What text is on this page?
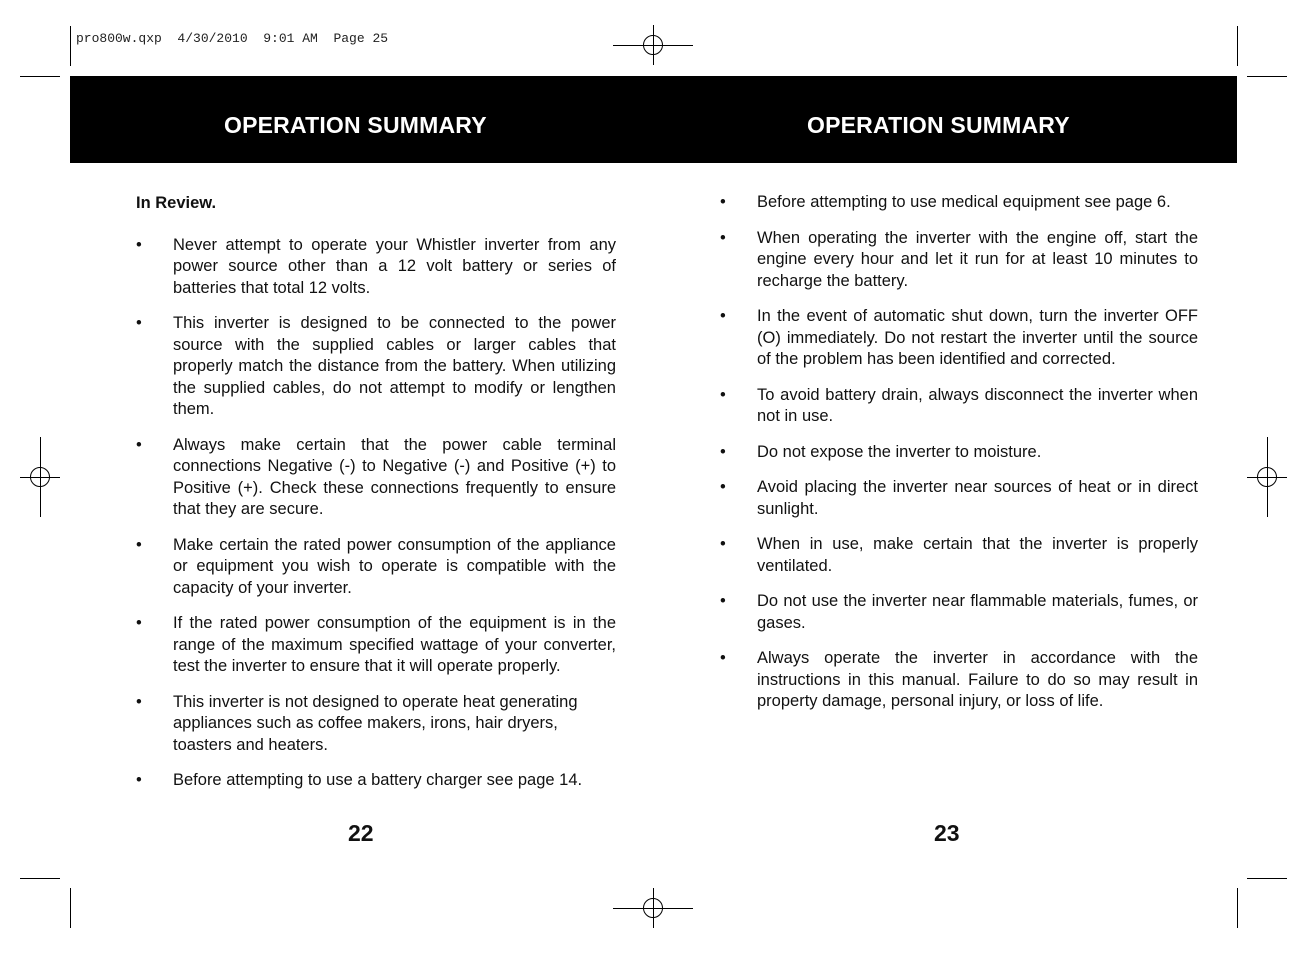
pro800w.qxp  4/30/2010  9:01 AM  Page 25
OPERATION SUMMARY	OPERATION SUMMARY
In Review.
• Never attempt to operate your Whistler inverter from any power source other than a 12 volt battery or series of batteries that total 12 volts.
• This inverter is designed to be connected to the power source with the supplied cables or larger cables that properly match the distance from the battery. When utilizing the supplied cables, do not attempt to modify or lengthen them.
• Always make certain that the power cable terminal connections Negative (-) to Negative (-) and Positive (+) to Positive (+). Check these connections frequently to ensure that they are secure.
• Make certain the rated power consumption of the appliance or equipment you wish to operate is compatible with the capacity of your inverter.
• If the rated power consumption of the equipment is in the range of the maximum specified wattage of your converter, test the inverter to ensure that it will operate properly.
• This inverter is not designed to operate heat generating appliances such as coffee makers, irons, hair dryers, toasters and heaters.
• Before attempting to use a battery charger see page 14.
• Before attempting to use medical equipment see page 6.
• When operating the inverter with the engine off, start the engine every hour and let it run for at least 10 minutes to recharge the battery.
• In the event of automatic shut down, turn the inverter OFF (O) immediately. Do not restart the inverter until the source of the problem has been identified and corrected.
• To avoid battery drain, always disconnect the inverter when not in use.
• Do not expose the inverter to moisture.
• Avoid placing the inverter near sources of heat or in direct sunlight.
• When in use, make certain that the inverter is properly ventilated.
• Do not use the inverter near flammable materials, fumes, or gases.
• Always operate the inverter in accordance with the instructions in this manual. Failure to do so may result in property damage, personal injury, or loss of life.
22	23
